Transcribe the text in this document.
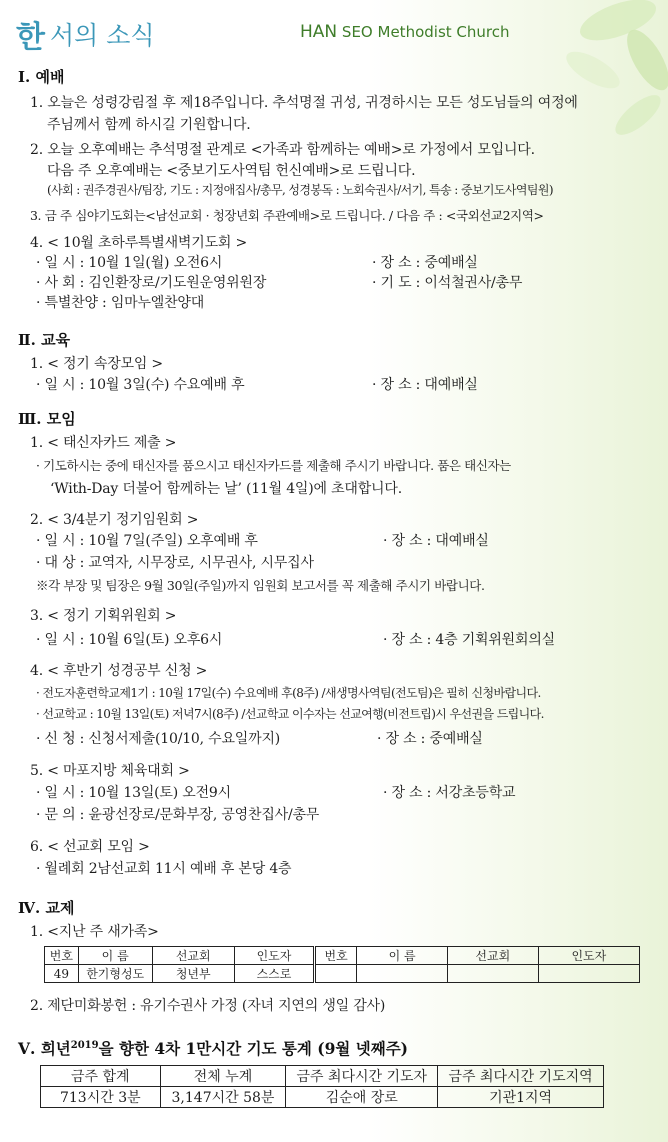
한 서의 소식	HAN SEO Methodist Church
Ⅰ. 예배
1. 오늘은 성령강림절 후 제18주입니다. 추석명절 귀성, 귀경하시는 모든 성도님들의 여정에
주님께서 함께 하시길 기원합니다.
2. 오늘 오후예배는 추석명절 관계로 <가족과 함께하는 예배>로 가정에서 모입니다.
다음 주 오후예배는 <중보기도사역팀 헌신예배>로 드립니다.
(사회 : 권주경권사/팀장, 기도 : 지정애집사/총무, 성경봉독 : 노회숙권사/서기, 특송 : 중보기도사역팀원)
3. 금 주 심야기도회는<남선교회 · 청장년회 주관예배>로 드립니다. / 다음 주 : <국외선교2지역>
4. < 10월 초하루특별새벽기도회 >
· 일 시 : 10월 1일(월) 오전6시	· 장 소 : 중예배실
· 사 회 : 김인환장로/기도원운영위원장	· 기 도 : 이석철권사/총무
· 특별찬양 : 임마누엘찬양대
Ⅱ. 교육
1. < 정기 속장모임 >
· 일 시 : 10월 3일(수) 수요예배 후	· 장 소 : 대예배실
Ⅲ. 모임
1. < 태신자카드 제출 >
· 기도하시는 중에 태신자를 품으시고 태신자카드를 제출해 주시기 바랍니다. 품은 태신자는
‘With-Day 더불어 함께하는 날’ (11월 4일)에 초대합니다.
2. < 3/4분기 정기임원회 >
· 일 시 : 10월 7일(주일) 오후예배 후	· 장 소 : 대예배실
· 대 상 : 교역자, 시무장로, 시무권사, 시무집사
※각 부장 및 팀장은 9월 30일(주일)까지 임원회 보고서를 꼭 제출해 주시기 바랍니다.
3. < 정기 기획위원회 >
· 일 시 : 10월 6일(토) 오후6시	· 장 소 : 4층 기획위원회의실
4. < 후반기 성경공부 신청 >
· 전도자훈련학교제1기 : 10월 17일(수) 수요예배 후(8주) /새생명사역팀(전도팀)은 필히 신청바랍니다.
· 선교학교 : 10월 13일(토) 저녁7시(8주) /선교학교 이수자는 선교여행(비전트립)시 우선권을 드립니다.
· 신 청 : 신청서제출(10/10, 수요일까지)	· 장 소 : 중예배실
5. < 마포지방 체육대회 >
· 일 시 : 10월 13일(토) 오전9시	· 장 소 : 서강초등학교
· 문 의 : 윤광선장로/문화부장, 공영찬집사/총무
6. < 선교회 모임 >
· 월례회 2남선교회 11시 예배 후 본당 4층
Ⅳ. 교제
1. <지난 주 새가족>
번호	이 름	선교회	인도자	번호	이 름	선교회	인도자
49	한기형성도	청년부	스스로				
2. 제단미화봉헌 : 유기수권사 가정 (자녀 지연의 생일 감사)
Ⅴ. 희년$^{2019}$을 향한 4차 1만시간 기도 통계 (9월 넷째주)
금주 합계	전체 누계	금주 최다시간 기도자	금주 최다시간 기도지역
713시간 3분	3,147시간 58분	김순애 장로	기관1지역
